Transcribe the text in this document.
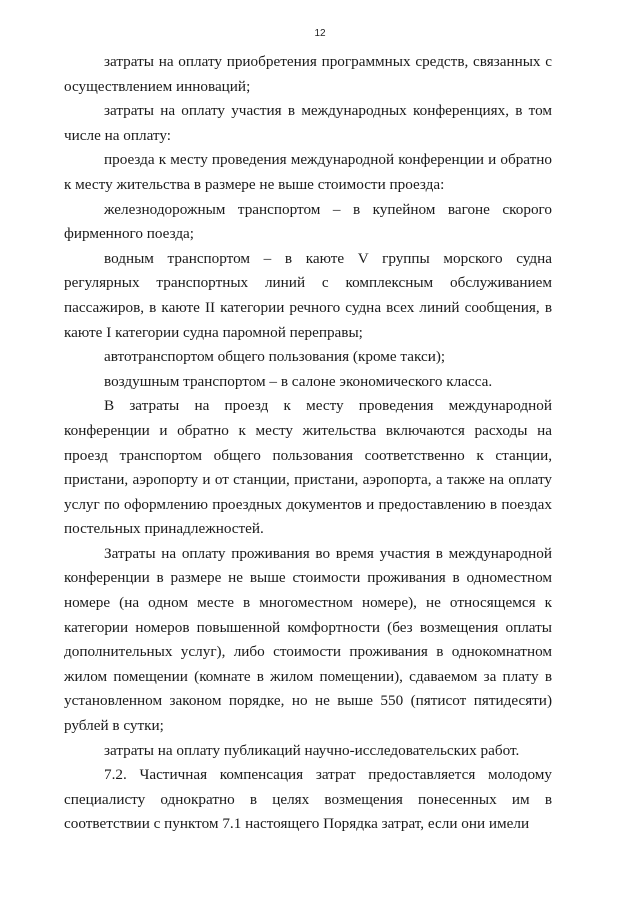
12

затраты на оплату приобретения программных средств, связанных с осуществлением инноваций;

затраты на оплату участия в международных конференциях, в том числе на оплату:

проезда к месту проведения международной конференции и обратно к месту жительства в размере не выше стоимости проезда:

железнодорожным транспортом – в купейном вагоне скорого фирменного поезда;

водным транспортом – в каюте V группы морского судна регулярных транспортных линий с комплексным обслуживанием пассажиров, в каюте II категории речного судна всех линий сообщения, в каюте I категории судна паромной переправы;

автотранспортом общего пользования (кроме такси);

воздушным транспортом – в салоне экономического класса.

В затраты на проезд к месту проведения международной конференции и обратно к месту жительства включаются расходы на проезд транспортом общего пользования соответственно к станции, пристани, аэропорту и от станции, пристани, аэропорта, а также на оплату услуг по оформлению проездных документов и предоставлению в поездах постельных принадлежностей.

Затраты на оплату проживания во время участия в международной конференции в размере не выше стоимости проживания в одноместном номере (на одном месте в многоместном номере), не относящемся к категории номеров повышенной комфортности (без возмещения оплаты дополнительных услуг), либо стоимости проживания в однокомнатном жилом помещении (комнате в жилом помещении), сдаваемом за плату в установленном законом порядке, но не выше 550 (пятисот пятидесяти) рублей в сутки;

затраты на оплату публикаций научно-исследовательских работ.

7.2. Частичная компенсация затрат предоставляется молодому специалисту однократно в целях возмещения понесенных им в соответствии с пунктом 7.1 настоящего Порядка затрат, если они имели
